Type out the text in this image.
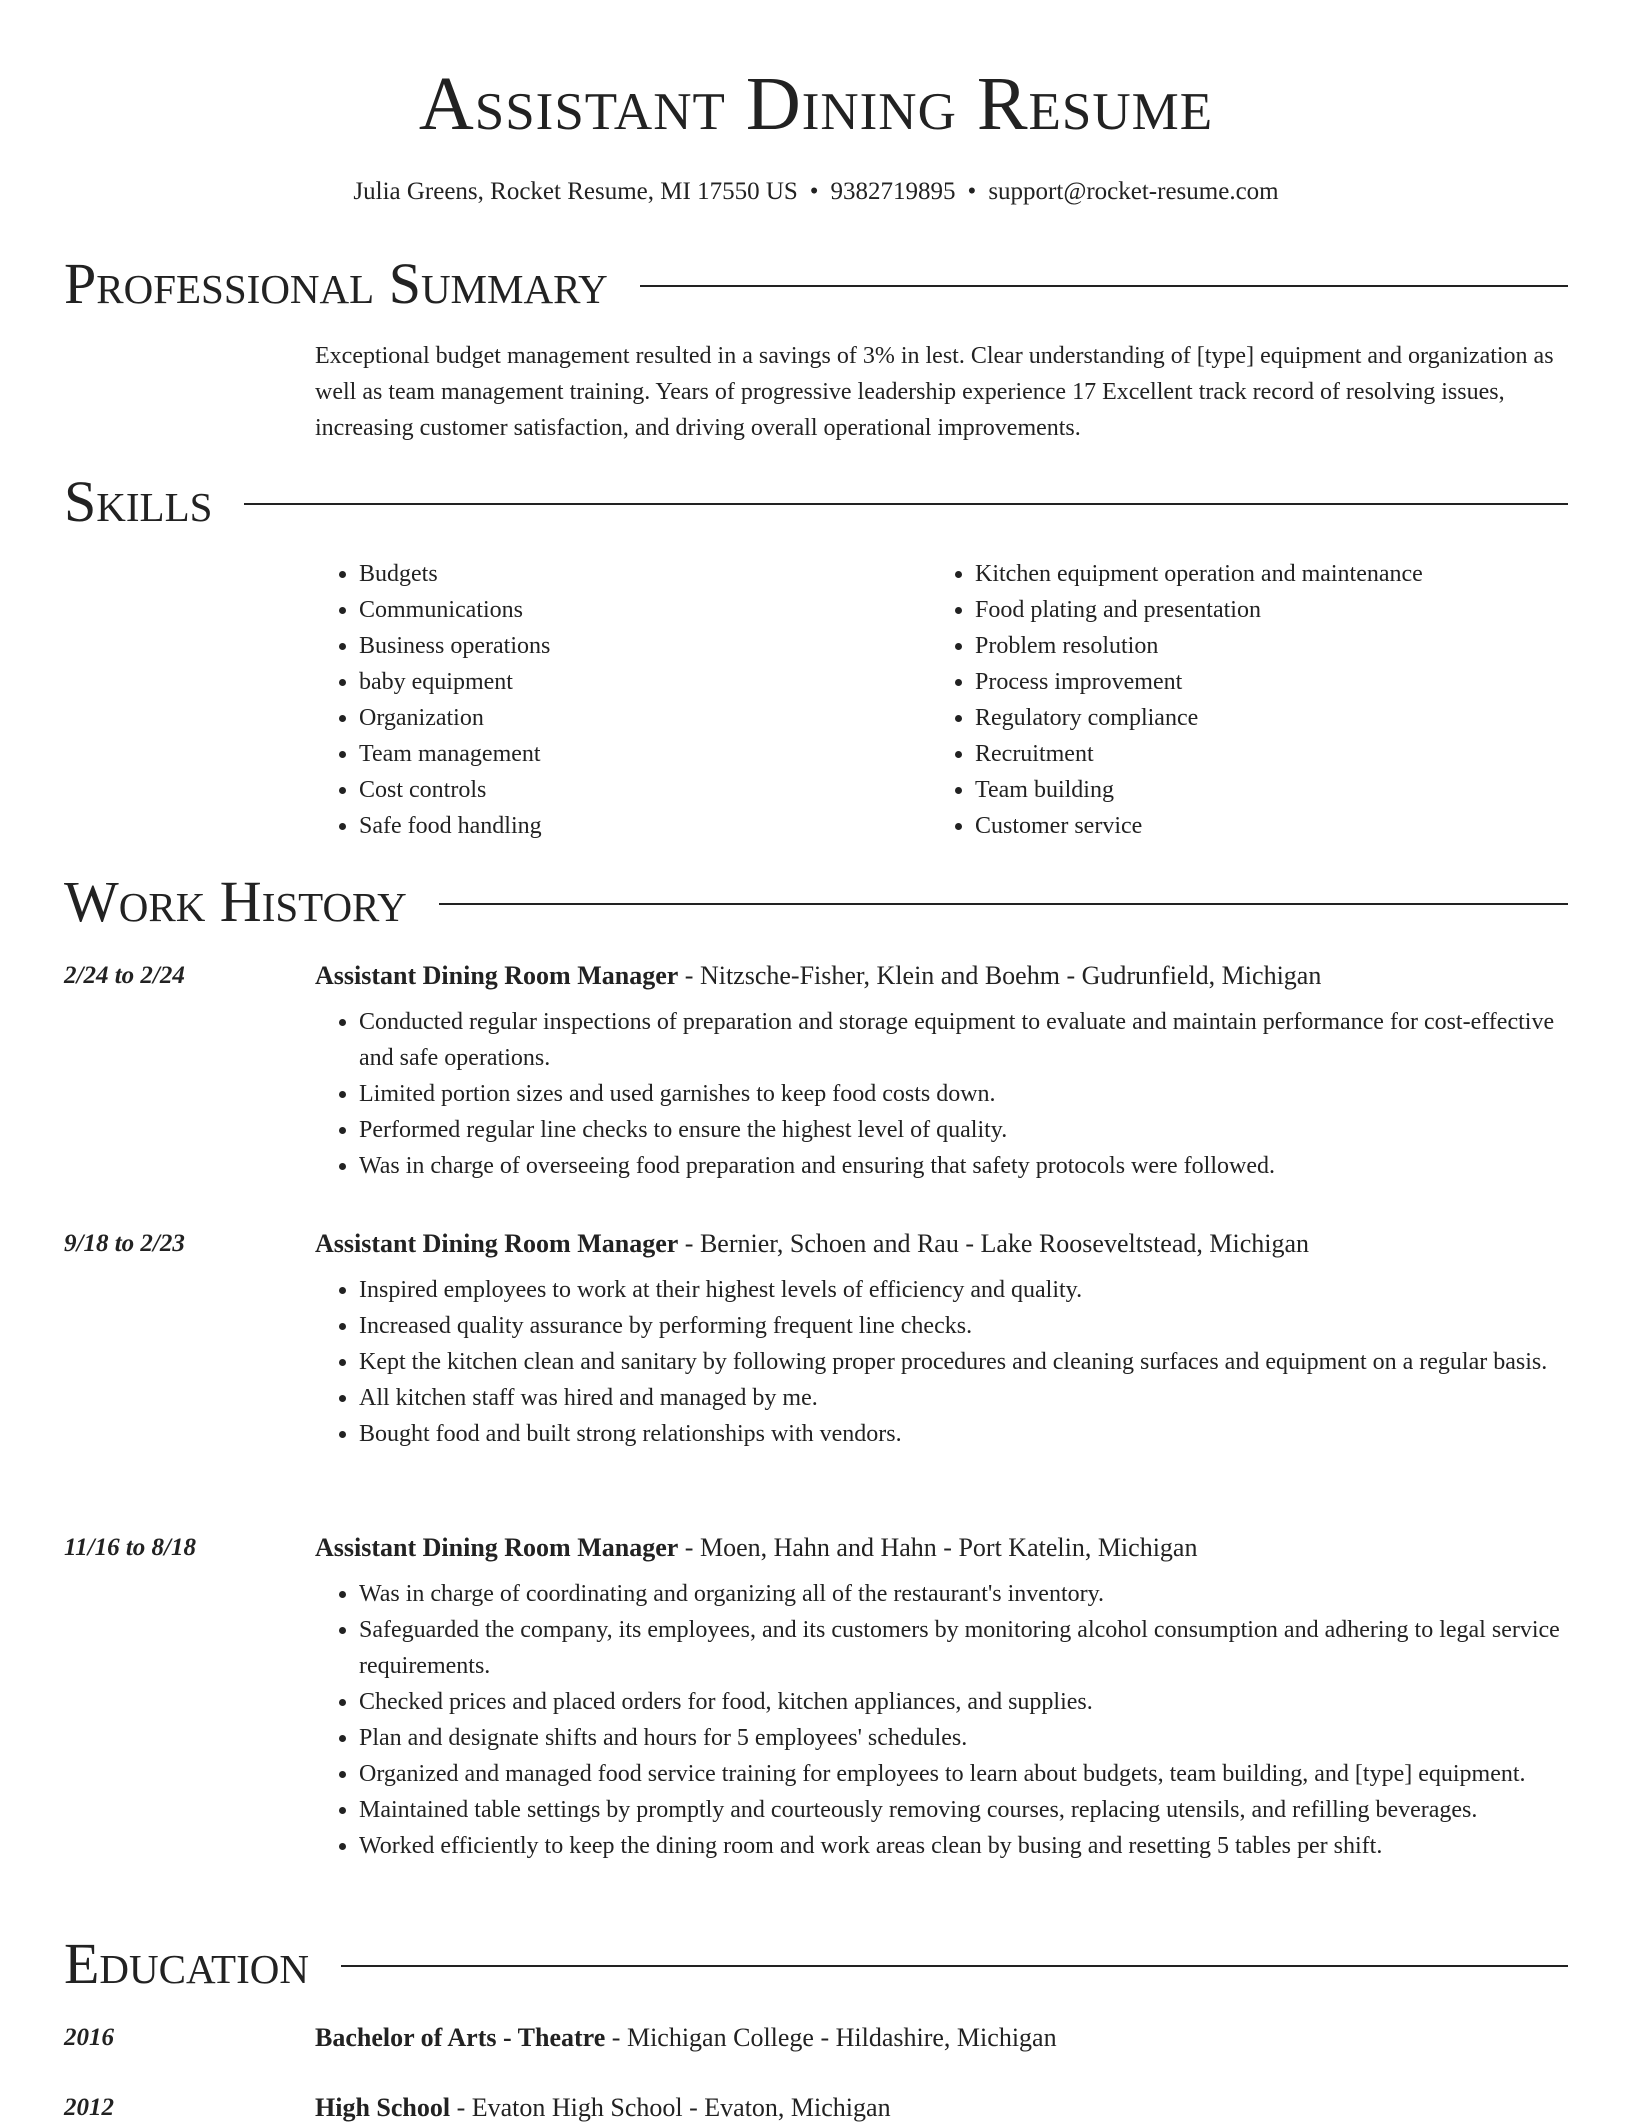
Assistant Dining Resume
Julia Greens, Rocket Resume, MI 17550 US • 9382719895 • support@rocket-resume.com
Professional Summary

Exceptional budget management resulted in a savings of 3% in lest. Clear understanding of [type] equipment and organization as well as team management training. Years of progressive leadership experience 17 Excellent track record of resolving issues, increasing customer satisfaction, and driving overall operational improvements.

Skills
• Budgets
• Communications
• Business operations
• baby equipment
• Organization
• Team management
• Cost controls
• Safe food handling
• Kitchen equipment operation and maintenance
• Food plating and presentation
• Problem resolution
• Process improvement
• Regulatory compliance
• Recruitment
• Team building
• Customer service
Work History
2/24 to 2/24	Assistant Dining Room Manager - Nitzsche-Fisher, Klein and Boehm - Gudrunfield, Michigan
• Conducted regular inspections of preparation and storage equipment to evaluate and maintain performance for cost-effective and safe operations.
• Limited portion sizes and used garnishes to keep food costs down.
• Performed regular line checks to ensure the highest level of quality.
• Was in charge of overseeing food preparation and ensuring that safety protocols were followed.
9/18 to 2/23	Assistant Dining Room Manager - Bernier, Schoen and Rau - Lake Rooseveltstead, Michigan
• Inspired employees to work at their highest levels of efficiency and quality.
• Increased quality assurance by performing frequent line checks.
• Kept the kitchen clean and sanitary by following proper procedures and cleaning surfaces and equipment on a regular basis.
• All kitchen staff was hired and managed by me.
• Bought food and built strong relationships with vendors.
11/16 to 8/18	Assistant Dining Room Manager - Moen, Hahn and Hahn - Port Katelin, Michigan
• Was in charge of coordinating and organizing all of the restaurant's inventory.
• Safeguarded the company, its employees, and its customers by monitoring alcohol consumption and adhering to legal service requirements.
• Checked prices and placed orders for food, kitchen appliances, and supplies.
• Plan and designate shifts and hours for 5 employees' schedules.
• Organized and managed food service training for employees to learn about budgets, team building, and [type] equipment.
• Maintained table settings by promptly and courteously removing courses, replacing utensils, and refilling beverages.
• Worked efficiently to keep the dining room and work areas clean by busing and resetting 5 tables per shift.
Education
2016	Bachelor of Arts - Theatre - Michigan College - Hildashire, Michigan
2012	High School - Evaton High School - Evaton, Michigan
